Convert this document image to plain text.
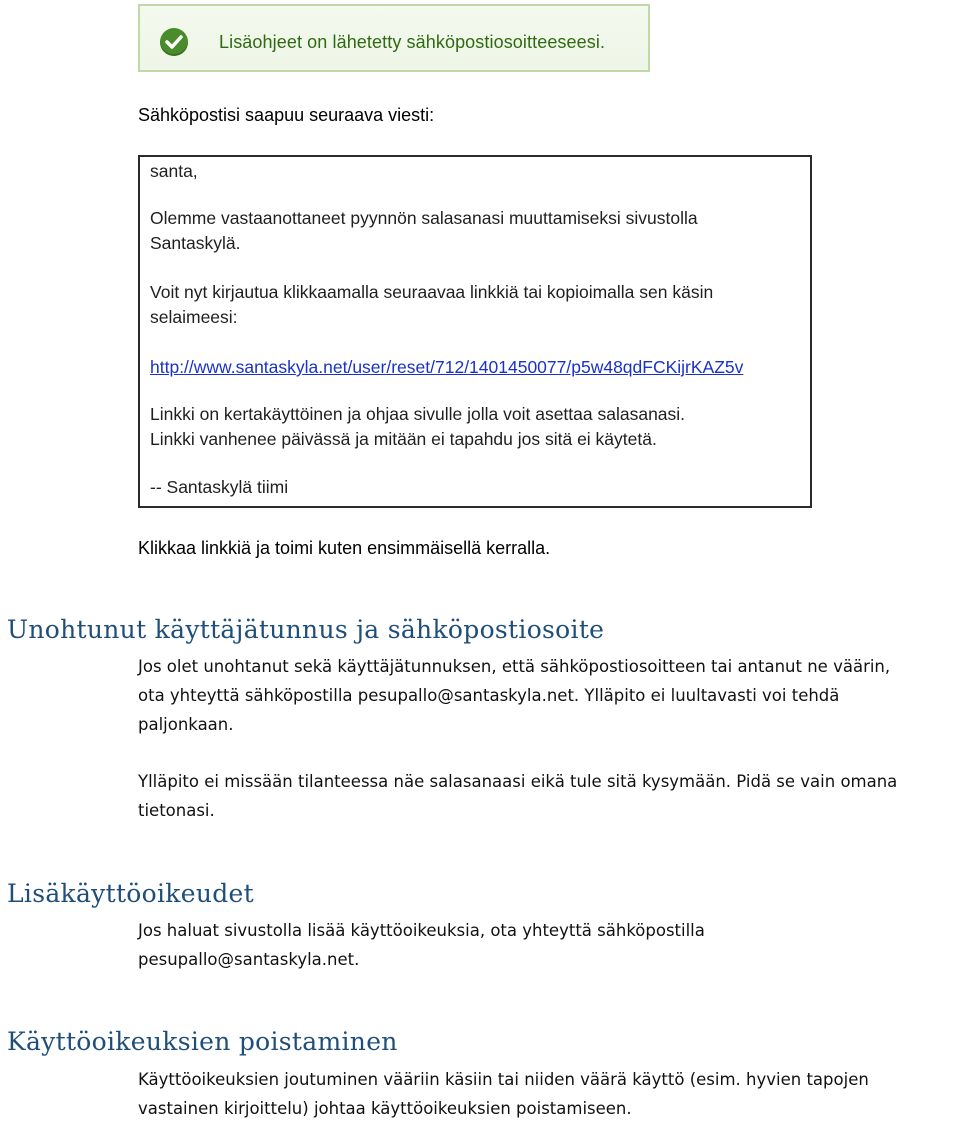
Lisäohjeet on lähetetty sähköpostiosoitteeseesi.
Sähköpostisi saapuu seuraava viesti:
santa,
Olemme vastaanottaneet pyynnön salasanasi muuttamiseksi sivustolla
Santaskylä.
Voit nyt kirjautua klikkaamalla seuraavaa linkkiä tai kopioimalla sen käsin
selaimeesi:
http://www.santaskyla.net/user/reset/712/1401450077/p5w48qdFCKijrKAZ5v
Linkki on kertakäyttöinen ja ohjaa sivulle jolla voit asettaa salasanasi.
Linkki vanhenee päivässä ja mitään ei tapahdu jos sitä ei käytetä.
-- Santaskylä tiimi
Klikkaa linkkiä ja toimi kuten ensimmäisellä kerralla.
Unohtunut käyttäjätunnus ja sähköpostiosoite
Jos olet unohtanut sekä käyttäjätunnuksen, että sähköpostiosoitteen tai antanut ne väärin,
ota yhteyttä sähköpostilla pesupallo@santaskyla.net. Ylläpito ei luultavasti voi tehdä
paljonkaan.
Ylläpito ei missään tilanteessa näe salasanaasi eikä tule sitä kysymään. Pidä se vain omana
tietonasi.
Lisäkäyttöoikeudet
Jos haluat sivustolla lisää käyttöoikeuksia, ota yhteyttä sähköpostilla
pesupallo@santaskyla.net.
Käyttöoikeuksien poistaminen
Käyttöoikeuksien joutuminen vääriin käsiin tai niiden väärä käyttö (esim. hyvien tapojen
vastainen kirjoittelu) johtaa käyttöoikeuksien poistamiseen.
